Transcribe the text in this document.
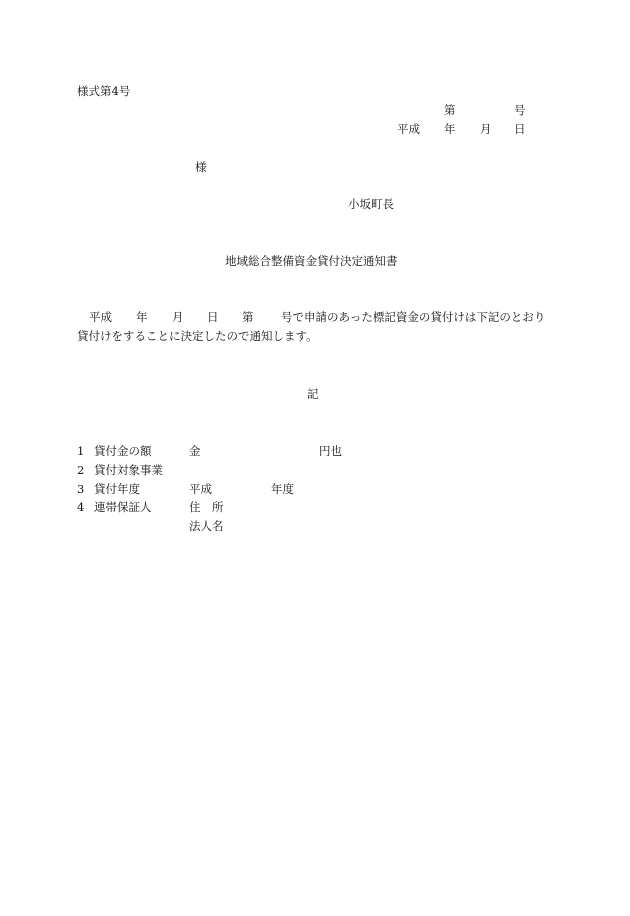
様式第4号
第	号
平成 年 月 日
様
小坂町長
地域総合整備資金貸付決定通知書
平成 年 月 日 第 号で申請のあった標記資金の貸付けは下記のとおり
貸付けをすることに決定したので通知します。
記
1 貸付金の額	金	円也
2 貸付対象事業
3 貸付年度	平成	年度
4 連帯保証人	住　所
法人名
